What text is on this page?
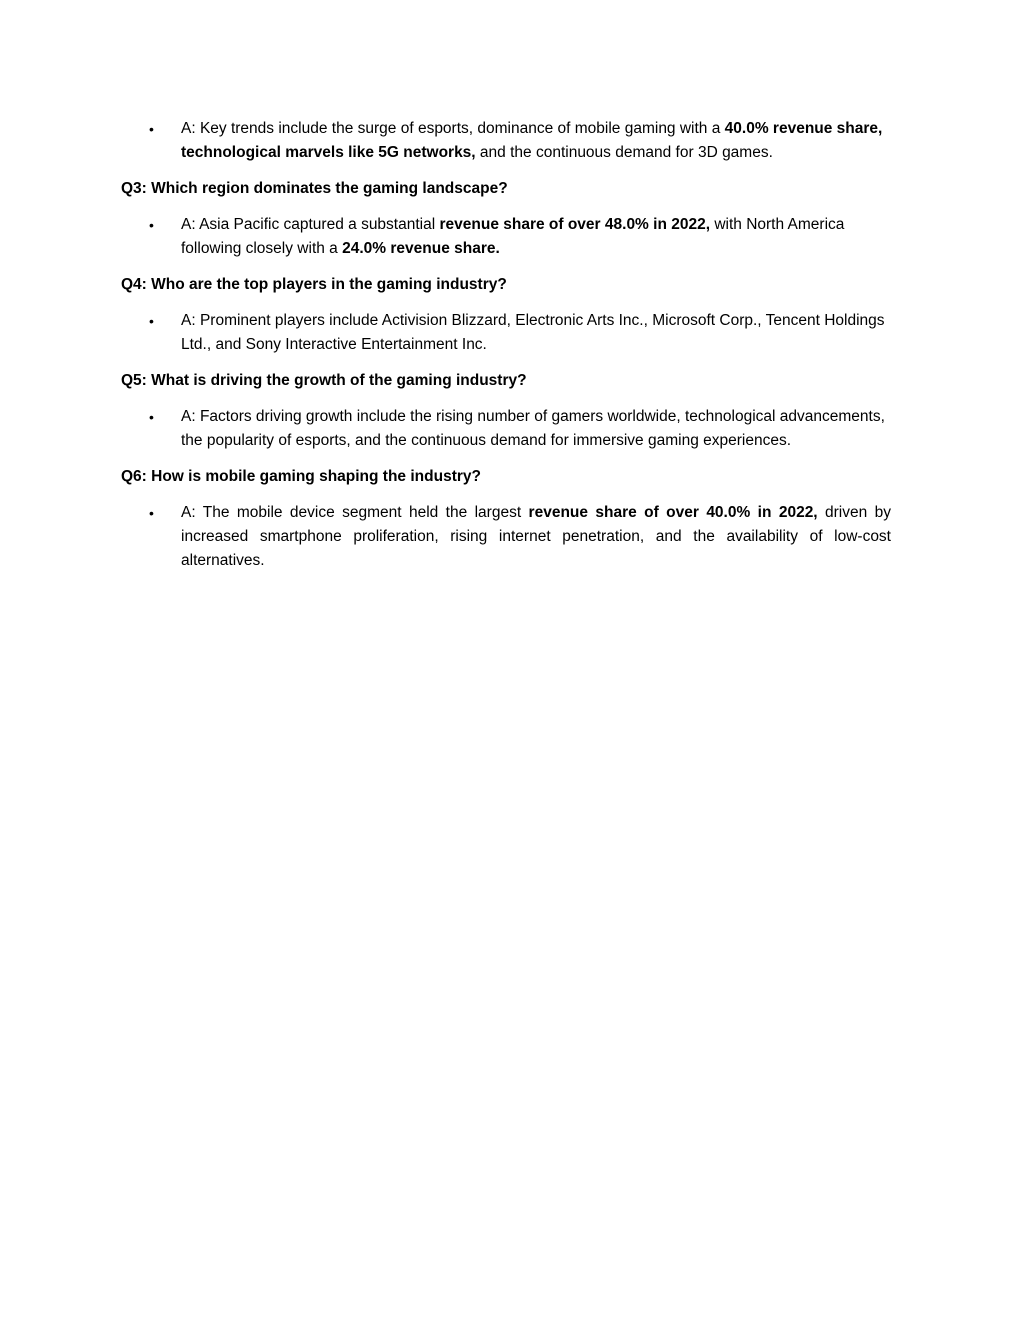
• A: Key trends include the surge of esports, dominance of mobile gaming with a 40.0% revenue share, technological marvels like 5G networks, and the continuous demand for 3D games.

Q3: Which region dominates the gaming landscape?

• A: Asia Pacific captured a substantial revenue share of over 48.0% in 2022, with North America following closely with a 24.0% revenue share.

Q4: Who are the top players in the gaming industry?

• A: Prominent players include Activision Blizzard, Electronic Arts Inc., Microsoft Corp., Tencent Holdings Ltd., and Sony Interactive Entertainment Inc.

Q5: What is driving the growth of the gaming industry?

• A: Factors driving growth include the rising number of gamers worldwide, technological advancements, the popularity of esports, and the continuous demand for immersive gaming experiences.

Q6: How is mobile gaming shaping the industry?

• A: The mobile device segment held the largest revenue share of over 40.0% in 2022, driven by increased smartphone proliferation, rising internet penetration, and the availability of low-cost alternatives.
